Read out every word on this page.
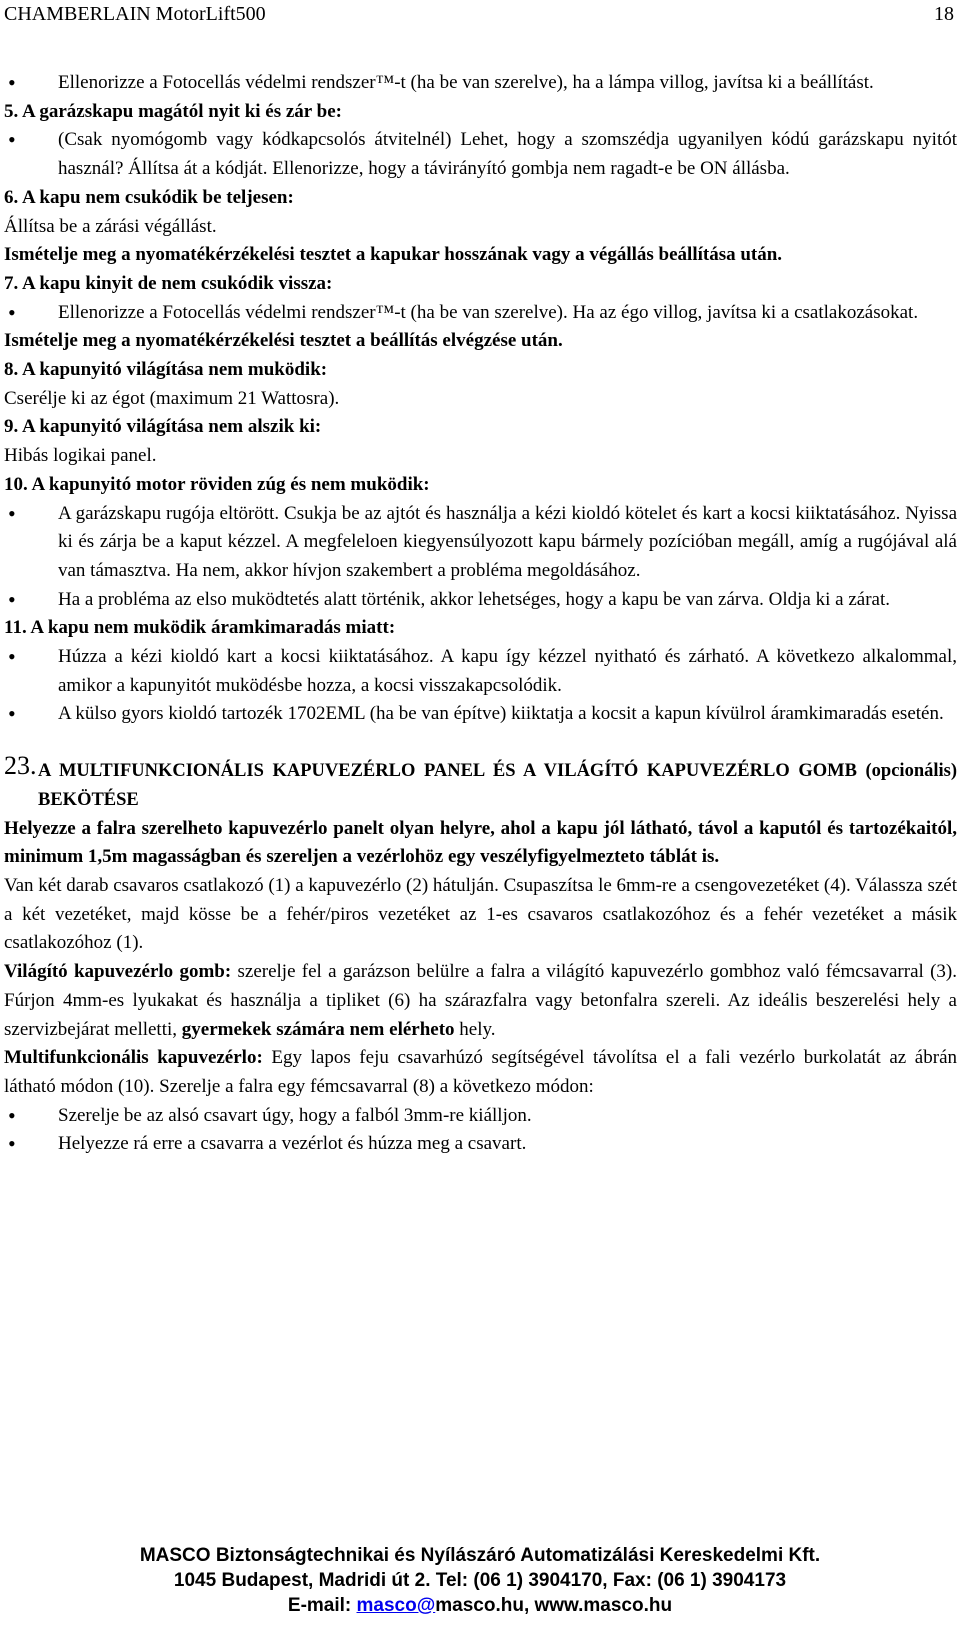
CHAMBERLAIN MotorLift500	18

• Ellenorizze a Fotocellás védelmi rendszer™-t (ha be van szerelve), ha a lámpa villog, javítsa ki a beállítást.

5. A garázskapu magától nyit ki és zár be:

• (Csak nyomógomb vagy kódkapcsolós átvitelnél) Lehet, hogy a szomszédja ugyanilyen kódú garázskapu nyitót használ? Állítsa át a kódját. Ellenorizze, hogy a távirányító gombja nem ragadt-e be ON állásba.

6. A kapu nem csukódik be teljesen:

Állítsa be a zárási végállást.

Ismételje meg a nyomatékérzékelési tesztet a kapukar hosszának vagy a végállás beállítása után.

7. A kapu kinyit de nem csukódik vissza:

• Ellenorizze a Fotocellás védelmi rendszer™-t (ha be van szerelve). Ha az égo villog, javítsa ki a csatlakozásokat.

Ismételje meg a nyomatékérzékelési tesztet a beállítás elvégzése után.

8. A kapunyitó világítása nem muködik:

Cserélje ki az égot (maximum 21 Wattosra).

9. A kapunyitó világítása nem alszik ki:

Hibás logikai panel.

10. A kapunyitó motor röviden zúg és nem muködik:

• A garázskapu rugója eltörött. Csukja be az ajtót és használja a kézi kioldó kötelet és kart a kocsi kiiktatásához. Nyissa ki és zárja be a kaput kézzel. A megfeleloen kiegyensúlyozott kapu bármely pozícióban megáll, amíg a rugójával alá van támasztva. Ha nem, akkor hívjon szakembert a probléma megoldásához.

• Ha a probléma az elso muködtetés alatt történik, akkor lehetséges, hogy a kapu be van zárva. Oldja ki a zárat.

11. A kapu nem muködik áramkimaradás miatt:

• Húzza a kézi kioldó kart a kocsi kiiktatásához. A kapu így kézzel nyitható és zárható. A következo alkalommal, amikor a kapunyitót muködésbe hozza, a kocsi visszakapcsolódik.

• A külso gyors kioldó tartozék 1702EML (ha be van építve) kiiktatja a kocsit a kapun kívülrol áramkimaradás esetén.

23. A MULTIFUNKCIONÁLIS KAPUVEZÉRLO PANEL ÉS A VILÁGÍTÓ KAPUVEZÉRLO GOMB (opcionális) BEKÖTÉSE

Helyezze a falra szerelheto kapuvezérlo panelt olyan helyre, ahol a kapu jól látható, távol a kaputól és tartozékaitól, minimum 1,5m magasságban és szereljen a vezérlohöz egy veszélyfigyelmezteto táblát is.

Van két darab csavaros csatlakozó (1) a kapuvezérlo (2) hátulján. Csupaszítsa le 6mm-re a csengovezetéket (4). Válassza szét a két vezetéket, majd kösse be a fehér/piros vezetéket az 1-es csavaros csatlakozóhoz és a fehér vezetéket a másik csatlakozóhoz (1).

Világító kapuvezérlo gomb: szerelje fel a garázson belülre a falra a világító kapuvezérlo gombhoz való fémcsavarral (3). Fúrjon 4mm-es lyukakat és használja a tipliket (6) ha szárazfalra vagy betonfalra szereli. Az ideális beszerelési hely a szervizbejárat melletti, gyermekek számára nem elérheto hely.

Multifunkcionális kapuvezérlo: Egy lapos feju csavarhúzó segítségével távolítsa el a fali vezérlo burkolatát az ábrán látható módon (10). Szerelje a falra egy fémcsavarral (8) a következo módon:

• Szerelje be az alsó csavart úgy, hogy a falból 3mm-re kiálljon.

• Helyezze rá erre a csavarra a vezérlot és húzza meg a csavart.

MASCO Biztonságtechnikai és Nyílászáró Automatizálási Kereskedelmi Kft.
1045 Budapest, Madridi út 2. Tel: (06 1) 3904170, Fax: (06 1) 3904173
E-mail: masco@masco.hu, www.masco.hu
